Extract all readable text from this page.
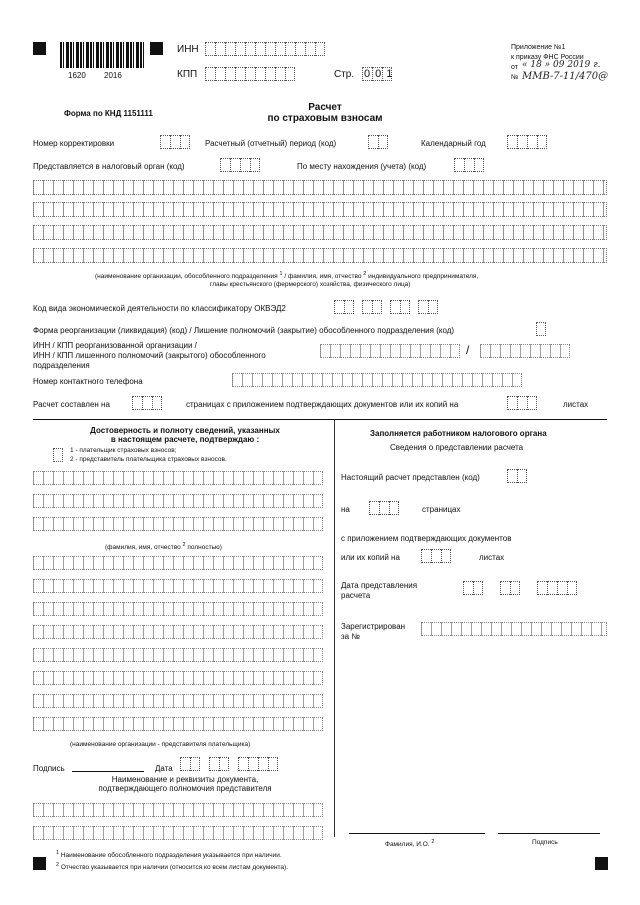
1620 2016
ИНН
КПП	Стр. 0 0 1
Приложение №1
к приказу ФНС России
от « 18 » 09 2019 г.
№ ММВ-7-11/470@
Форма по КНД 1151111
Расчет
по страховым взносам
Номер корректировки	Расчетный (отчетный) период (код)	Календарный год
Представляется в налоговый орган (код)	По месту нахождения (учета) (код)
(наименование организации, обособленного подразделения $^1$ / фамилия, имя, отчество $^2$ индивидуального предпринимателя,
главы крестьянского (фермерского) хозяйства, физического лица)
Код вида экономической деятельности по классификатору ОКВЭД2
Форма реорганизации (ликвидация) (код) / Лишение полномочий (закрытие) обособленного подразделения (код)
ИНН / КПП реорганизованной организации /
ИНН / КПП лишенного полномочий (закрытого) обособленного
подразделения
/
Номер контактного телефона
Расчет составлен на	страницах с приложением подтверждающих документов или их копий на	листах
Достоверность и полноту сведений, указанных
в настоящем расчете, подтверждаю :
1 - плательщик страховых взносов;
2 - представитель плательщика страховых взносов.
(фамилия, имя, отчество $^2$ полностью)
(наименование организации - представителя плательщика)
Подпись	Дата
Наименование и реквизиты документа,
подтверждающего полномочия представителя
Заполняется работником налогового органа
Сведения о представлении расчета
Настоящий расчет представлен (код)
на	страницах
с приложением подтверждающих документов
или их копий на	листах
Дата представления
расчета
Зарегистрирован
за №
Фамилия, И.О. $^2$	Подпись
$^1$ Наименование обособленного подразделения указывается при наличии.
$^2$ Отчество указывается при наличии (относится ко всем листам документа).
